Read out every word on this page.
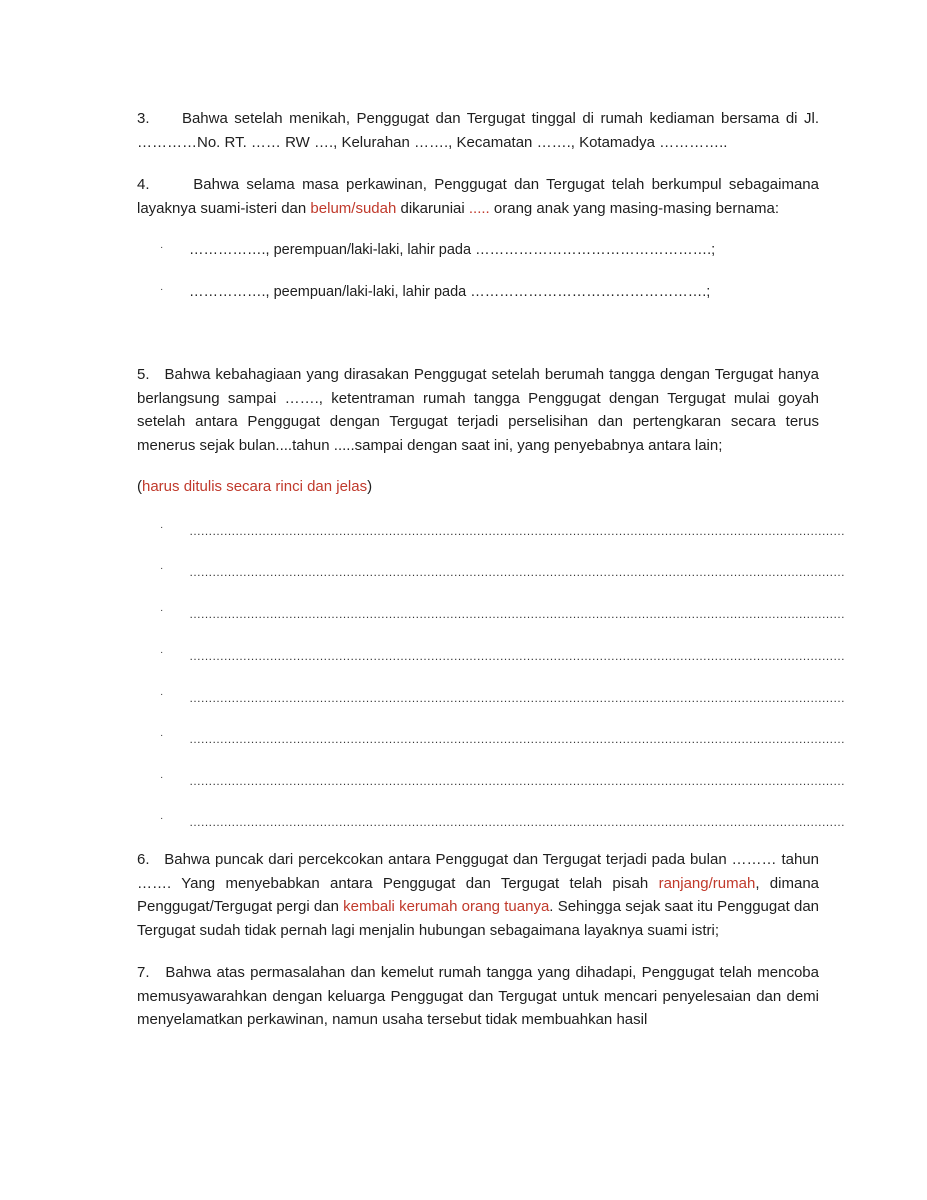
3. Bahwa setelah menikah, Penggugat dan Tergugat tinggal di rumah kediaman bersama di Jl. …………No. RT. …… RW …., Kelurahan ……., Kecamatan ……., Kotamadya …………..

4.	Bahwa selama masa perkawinan, Penggugat dan Tergugat telah berkumpul sebagaimana layaknya suami-isteri dan belum/sudah dikaruniai ..... orang anak yang masing-masing bernama:

· ……………., perempuan/laki-laki, lahir pada ………………………………………….;
· ……………., peempuan/laki-laki, lahir pada ………………………………………….;

5. Bahwa kebahagiaan yang dirasakan Penggugat setelah berumah tangga dengan Tergugat hanya berlangsung sampai ……., ketentraman rumah tangga Penggugat dengan Tergugat mulai goyah setelah antara Penggugat dengan Tergugat terjadi perselisihan dan pertengkaran secara terus menerus sejak bulan....tahun .....sampai dengan saat ini, yang penyebabnya antara lain;

(harus ditulis secara rinci dan jelas)
· ………………………………………………………………………………………………………………………………………………………
· ………………………………………………………………………………………………………………………………………………………
· ………………………………………………………………………………………………………………………………………………………
· ………………………………………………………………………………………………………………………………………………………
· ………………………………………………………………………………………………………………………………………………………
· ………………………………………………………………………………………………………………………………………………………
· ………………………………………………………………………………………………………………………………………………………
· ………………………………………………………………………………………………………………………………………………………

6. Bahwa puncak dari percekcokan antara Penggugat dan Tergugat terjadi pada bulan ……… tahun ……. Yang menyebabkan antara Penggugat dan Tergugat telah pisah ranjang/rumah, dimana Penggugat/Tergugat pergi dan kembali kerumah orang tuanya. Sehingga sejak saat itu Penggugat dan Tergugat sudah tidak pernah lagi menjalin hubungan sebagaimana layaknya suami istri;

7. Bahwa atas permasalahan dan kemelut rumah tangga yang dihadapi, Penggugat telah mencoba memusyawarahkan dengan keluarga Penggugat dan Tergugat untuk mencari penyelesaian dan demi menyelamatkan perkawinan, namun usaha tersebut tidak membuahkan hasil
